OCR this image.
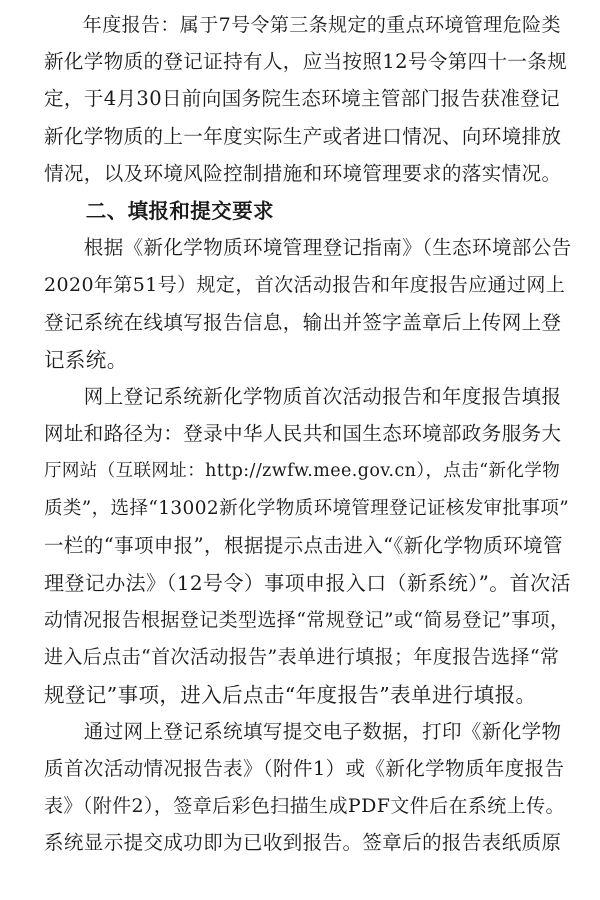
　　年度报告：属于7号令第三条规定的重点环境管理危险类
新化学物质的登记证持有人，应当按照12号令第四十一条规
定，于4月30日前向国务院生态环境主管部门报告获准登记
新化学物质的上一年度实际生产或者进口情况、向环境排放
情况，以及环境风险控制措施和环境管理要求的落实情况。
　　二、填报和提交要求
　　根据《新化学物质环境管理登记指南》（生态环境部公告
2020年第51号）规定，首次活动报告和年度报告应通过网上
登记系统在线填写报告信息，输出并签字盖章后上传网上登
记系统。
　　网上登记系统新化学物质首次活动报告和年度报告填报
网址和路径为：登录中华人民共和国生态环境部政务服务大
厅网站（互联网址：http://zwfw.mee.gov.cn），点击“新化学物
质类”，选择“13002新化学物质环境管理登记证核发审批事项”
一栏的“事项申报”，根据提示点击进入“《新化学物质环境管
理登记办法》（12号令）事项申报入口（新系统）”。首次活
动情况报告根据登记类型选择“常规登记”或“简易登记”事项，
进入后点击“首次活动报告”表单进行填报；年度报告选择“常
规登记”事项，进入后点击“年度报告”表单进行填报。
　　通过网上登记系统填写提交电子数据，打印《新化学物
质首次活动情况报告表》（附件1）或《新化学物质年度报告
表》（附件2），签章后彩色扫描生成PDF文件后在系统上传。
系统显示提交成功即为已收到报告。签章后的报告表纸质原
